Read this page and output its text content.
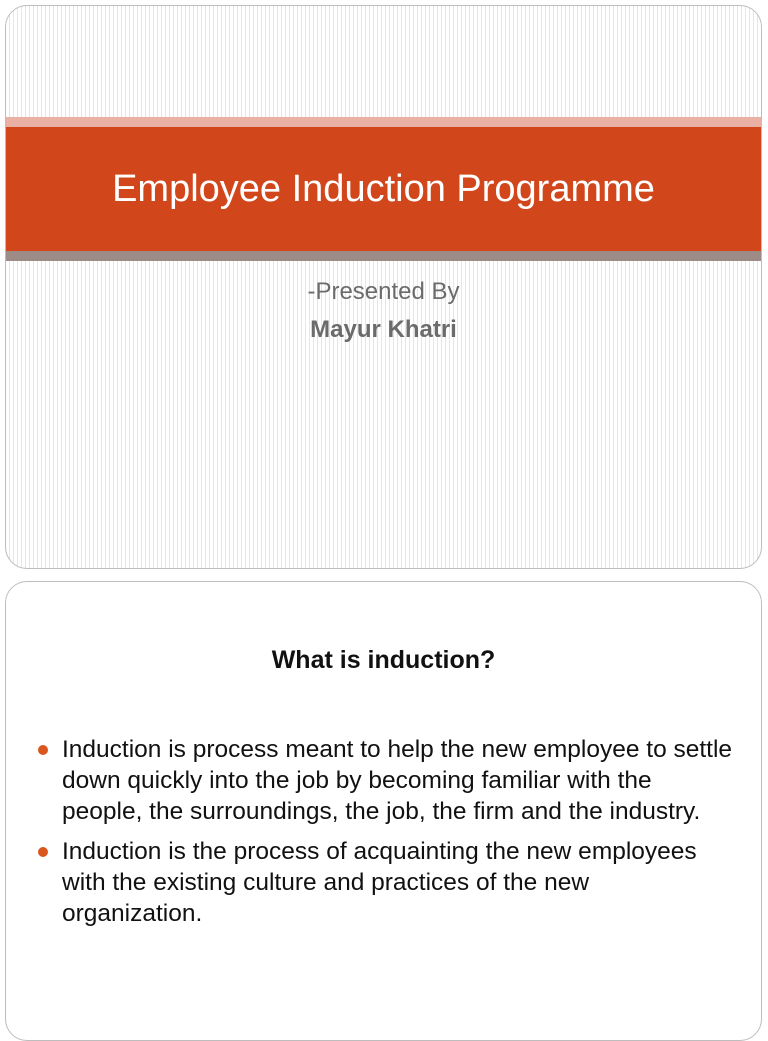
Employee Induction Programme
-Presented By
Mayur Khatri
What is induction?
Induction is process meant to help the new employee to settle down quickly into the job by becoming familiar with the people, the surroundings, the job, the firm and the industry.
Induction is the process of acquainting the new employees with the existing culture and practices of the new organization.
